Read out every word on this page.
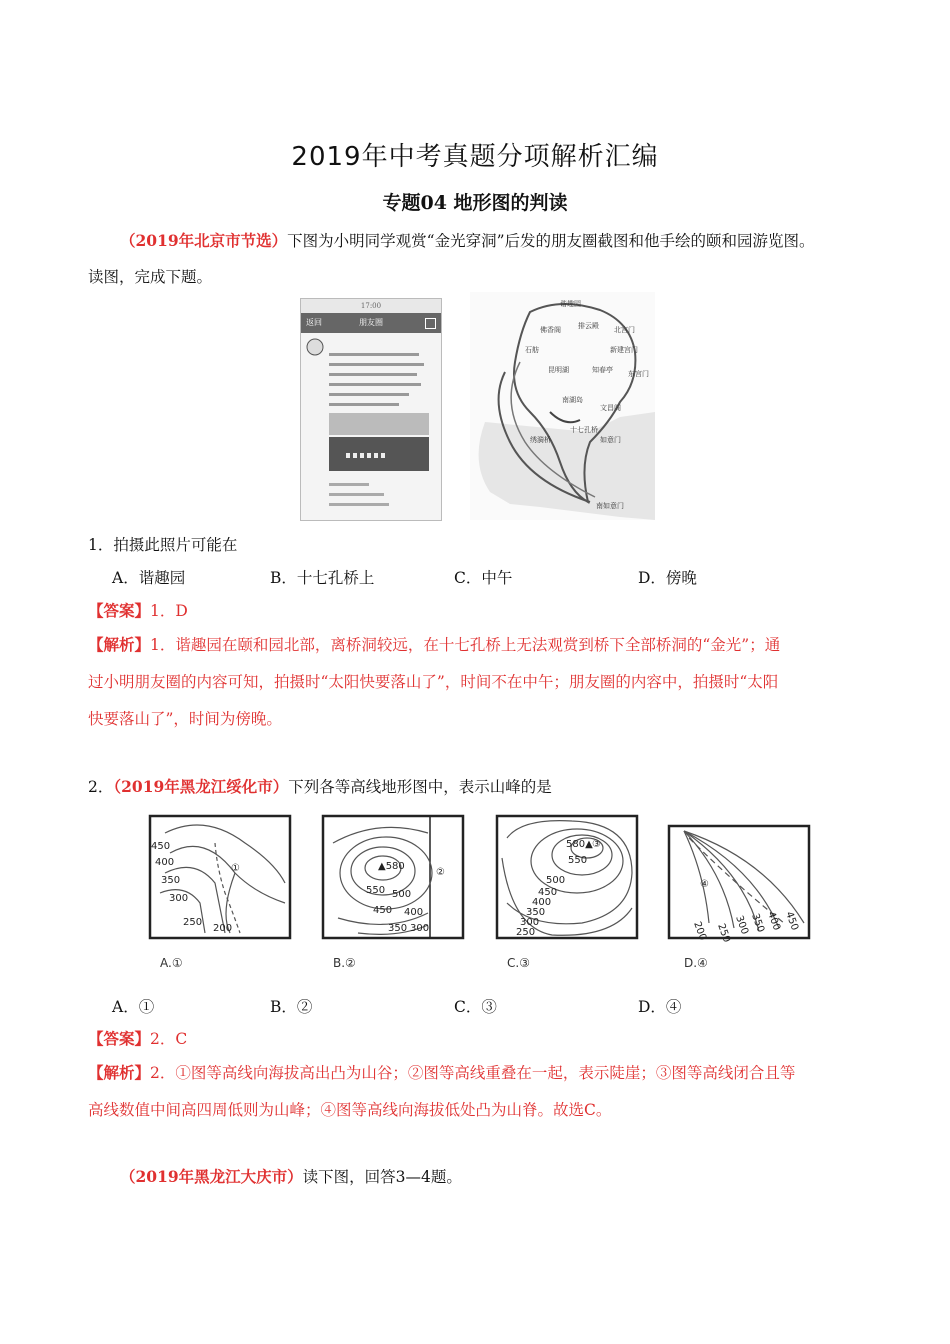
2019年中考真题分项解析汇编
专题04 地形图的判读
（2019年北京市节选）下图为小明同学观赏“金光穿洞”后发的朋友圈截图和他手绘的颐和园游览图。
读图，完成下题。
17:00
返回	朋友圈
谐趣园
佛香阁 排云殿
石舫
昆明湖
南湖岛
十七孔桥
知春亭
文昌阁
新建宫门
东宫门
北宫门
如意门
绣漪桥
南如意门
1．拍摄此照片可能在
A．谐趣园	B．十七孔桥上	C．中午	D．傍晚
【答案】1．D
【解析】1．谐趣园在颐和园北部，离桥洞较远，在十七孔桥上无法观赏到桥下全部桥洞的“金光”；通
过小明朋友圈的内容可知，拍摄时“太阳快要落山了”，时间不在中午；朋友圈的内容中，拍摄时“太阳
快要落山了”，时间为傍晚。
2．（2019年黑龙江绥化市）下列各等高线地形图中，表示山峰的是
450
400
350
300
250
200
①
A.①
▲580
550 500
450 400
350 300
②
B.②
580▲
550
500
450
400
350
300
250
③
C.③
200 250 300 350 400 450
④
D.④
A．①	B．②	C．③	D．④
【答案】2．C
【解析】2．①图等高线向海拔高出凸为山谷；②图等高线重叠在一起，表示陡崖；③图等高线闭合且等
高线数值中间高四周低则为山峰；④图等高线向海拔低处凸为山脊。故选C。
（2019年黑龙江大庆市）读下图，回答3—4题。
